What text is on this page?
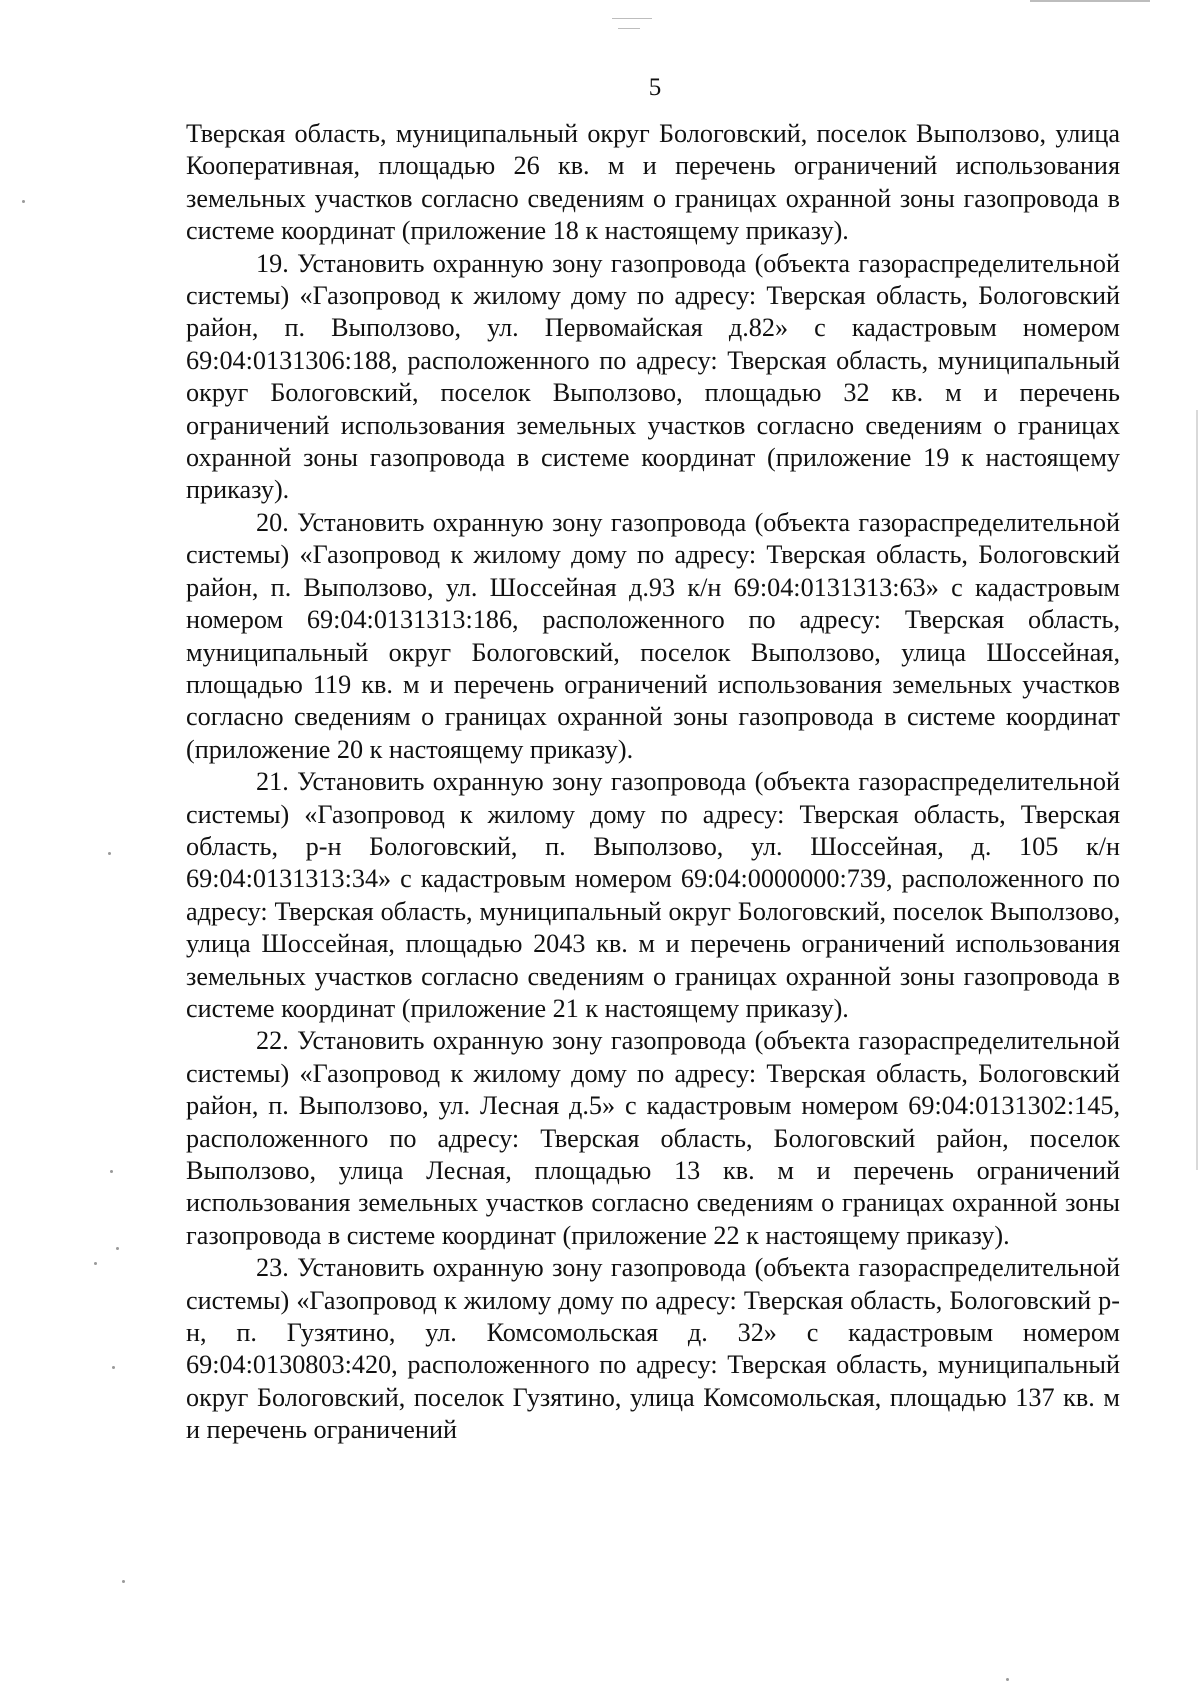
5

Тверская область, муниципальный округ Бологовский, поселок Выползово, улица Кооперативная, площадью 26 кв. м и перечень ограничений использования земельных участков согласно сведениям о границах охранной зоны газопровода в системе координат (приложение 18 к настоящему приказу).

19. Установить охранную зону газопровода (объекта газораспределительной системы) «Газопровод к жилому дому по адресу: Тверская область, Бологовский район, п. Выползово, ул. Первомайская д.82» с кадастровым номером 69:04:0131306:188, расположенного по адресу: Тверская область, муниципальный округ Бологовский, поселок Выползово, площадью 32 кв. м и перечень ограничений использования земельных участков согласно сведениям о границах охранной зоны газопровода в системе координат (приложение 19 к настоящему приказу).

20. Установить охранную зону газопровода (объекта газораспределительной системы) «Газопровод к жилому дому по адресу: Тверская область, Бологовский район, п. Выползово, ул. Шоссейная д.93 к/н 69:04:0131313:63» с кадастровым номером 69:04:0131313:186, расположенного по адресу: Тверская область, муниципальный округ Бологовский, поселок Выползово, улица Шоссейная, площадью 119 кв. м и перечень ограничений использования земельных участков согласно сведениям о границах охранной зоны газопровода в системе координат (приложение 20 к настоящему приказу).

21. Установить охранную зону газопровода (объекта газораспределительной системы) «Газопровод к жилому дому по адресу: Тверская область, Тверская область, р-н Бологовский, п. Выползово, ул. Шоссейная, д. 105 к/н 69:04:0131313:34» с кадастровым номером 69:04:0000000:739, расположенного по адресу: Тверская область, муниципальный округ Бологовский, поселок Выползово, улица Шоссейная, площадью 2043 кв. м и перечень ограничений использования земельных участков согласно сведениям о границах охранной зоны газопровода в системе координат (приложение 21 к настоящему приказу).

22. Установить охранную зону газопровода (объекта газораспределительной системы) «Газопровод к жилому дому по адресу: Тверская область, Бологовский район, п. Выползово, ул. Лесная д.5» с кадастровым номером 69:04:0131302:145, расположенного по адресу: Тверская область, Бологовский район, поселок Выползово, улица Лесная, площадью 13 кв. м и перечень ограничений использования земельных участков согласно сведениям о границах охранной зоны газопровода в системе координат (приложение 22 к настоящему приказу).

23. Установить охранную зону газопровода (объекта газораспределительной системы) «Газопровод к жилому дому по адресу: Тверская область, Бологовский р-н, п. Гузятино, ул. Комсомольская д. 32» с кадастровым номером 69:04:0130803:420, расположенного по адресу: Тверская область, муниципальный округ Бологовский, поселок Гузятино, улица Комсомольская, площадью 137 кв. м и перечень ограничений
